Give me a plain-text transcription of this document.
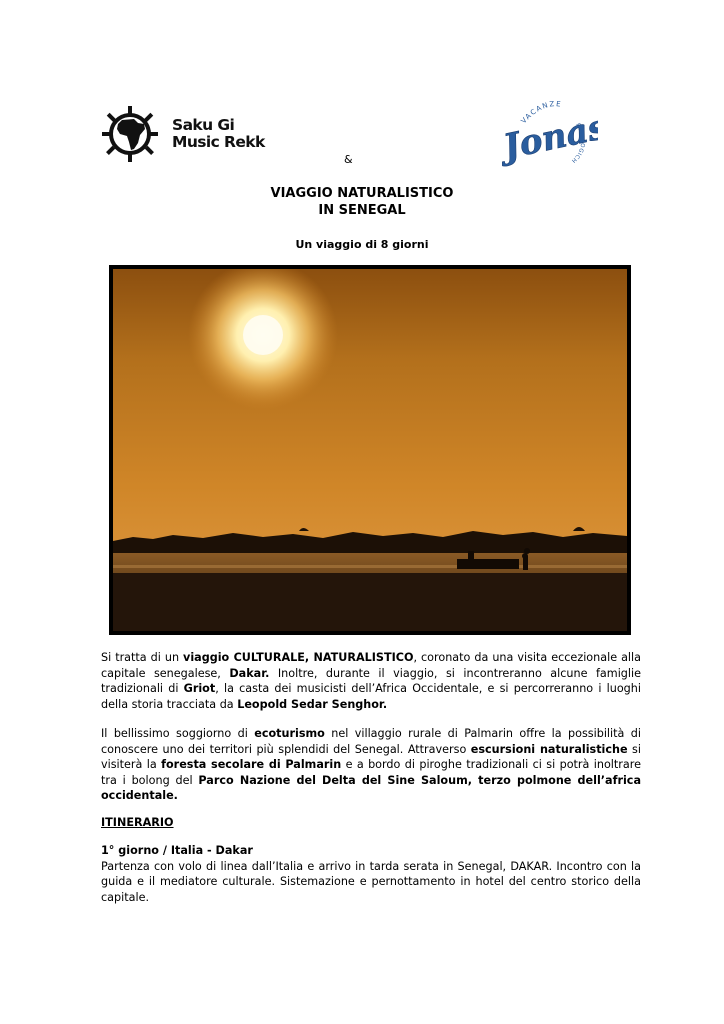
Saku Gi
Music Rekk
VACANZE
ECO-LOGICH
Jonas
&
VIAGGIO NATURALISTICO
IN SENEGAL
Un viaggio di 8 giorni

Si tratta di un viaggio CULTURALE, NATURALISTICO, coronato da una visita eccezionale alla capitale senegalese, Dakar. Inoltre, durante il viaggio, si incontreranno alcune famiglie tradizionali di Griot, la casta dei musicisti dell’Africa Occidentale, e si percorreranno i luoghi della storia tracciata da Leopold Sedar Senghor.

Il bellissimo soggiorno di ecoturismo nel villaggio rurale di Palmarin offre la possibilità di conoscere uno dei territori più splendidi del Senegal. Attraverso escursioni naturalistiche si visiterà la foresta secolare di Palmarin e a bordo di piroghe tradizionali ci si potrà inoltrare tra i bolong del Parco Nazione del Delta del Sine Saloum, terzo polmone dell’africa occidentale.

ITINERARIO
1° giorno / Italia - Dakar

Partenza con volo di linea dall’Italia e arrivo in tarda serata in Senegal, DAKAR. Incontro con la guida e il mediatore culturale. Sistemazione e pernottamento in hotel del centro storico della capitale.
